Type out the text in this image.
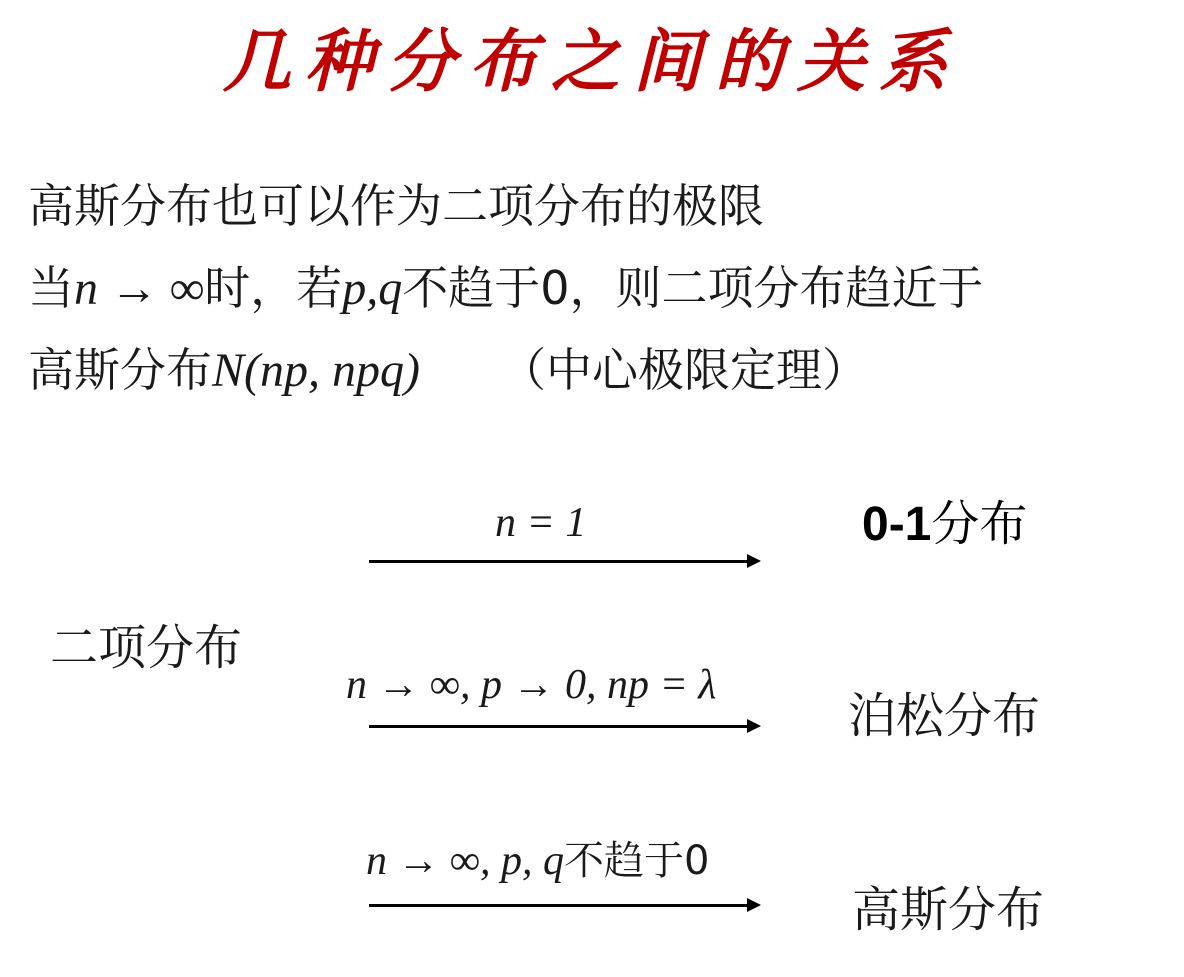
几种分布之间的关系
高斯分布也可以作为二项分布的极限
当n → ∞时，若p,q不趋于0，则二项分布趋近于
高斯分布N(np, npq) （中心极限定理）
二项分布
n = 1	0-1分布
n → ∞, p → 0, np = λ
泊松分布
n → ∞, p, q不趋于0
高斯分布
